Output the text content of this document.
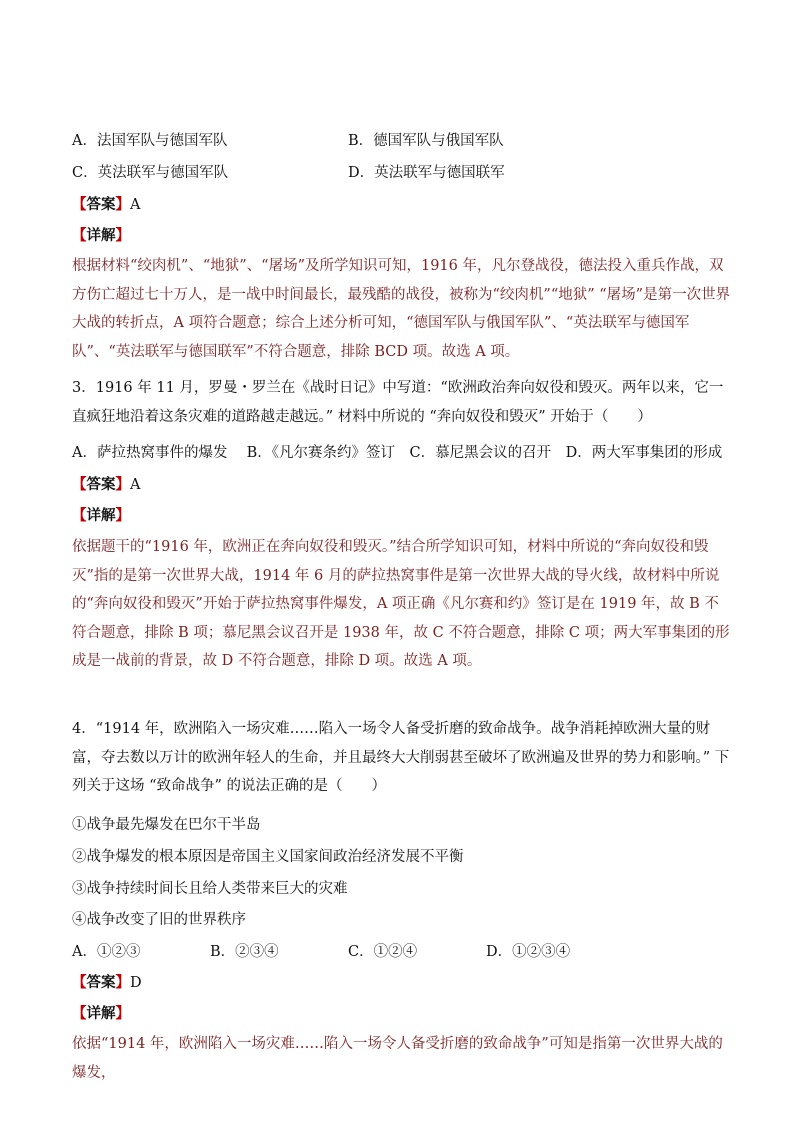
A．法国军队与德国军队	B．德国军队与俄国军队
C．英法联军与德国军队	D．英法联军与德国联军
【答案】A
【详解】
根据材料“绞肉机”、“地狱”、“屠场”及所学知识可知，1916 年，凡尔登战役，德法投入重兵作战，双方伤亡超过七十万人，是一战中时间最长，最残酷的战役，被称为“绞肉机”“地狱” “屠场”是第一次世界大战的转折点，A 项符合题意；综合上述分析可知，“德国军队与俄国军队”、“英法联军与德国军队”、“英法联军与德国联军”不符合题意，排除 BCD 项。故选 A 项。
3．1916 年 11 月，罗曼・罗兰在《战时日记》中写道：“欧洲政治奔向奴役和毁灭。两年以来，它一直疯狂地沿着这条灾难的道路越走越远。” 材料中所说的 “奔向奴役和毁灭” 开始于（　　）
A．萨拉热窝事件的爆发　 B．《凡尔赛条约》签订　C．慕尼黑会议的召开　D．两大军事集团的形成
【答案】A
【详解】
依据题干的“1916 年，欧洲正在奔向奴役和毁灭。”结合所学知识可知，材料中所说的“奔向奴役和毁灭”指的是第一次世界大战，1914 年 6 月的萨拉热窝事件是第一次世界大战的导火线，故材料中所说的“奔向奴役和毁灭”开始于萨拉热窝事件爆发，A 项正确《凡尔赛和约》签订是在 1919 年，故 B 不符合题意，排除 B 项；慕尼黑会议召开是 1938 年，故 C 不符合题意，排除 C 项；两大军事集团的形成是一战前的背景，故 D 不符合题意，排除 D 项。故选 A 项。
4．“1914 年，欧洲陷入一场灾难……陷入一场令人备受折磨的致命战争。战争消耗掉欧洲大量的财富，夺去数以万计的欧洲年轻人的生命，并且最终大大削弱甚至破坏了欧洲遍及世界的势力和影响。” 下列关于这场 “致命战争” 的说法正确的是（　　）
①战争最先爆发在巴尔干半岛
②战争爆发的根本原因是帝国主义国家间政治经济发展不平衡
③战争持续时间长且给人类带来巨大的灾难
④战争改变了旧的世界秩序
A．①②③	B．②③④	C．①②④	D．①②③④
【答案】D
【详解】
依据“1914 年，欧洲陷入一场灾难……陷入一场令人备受折磨的致命战争”可知是指第一次世界大战的爆发，
